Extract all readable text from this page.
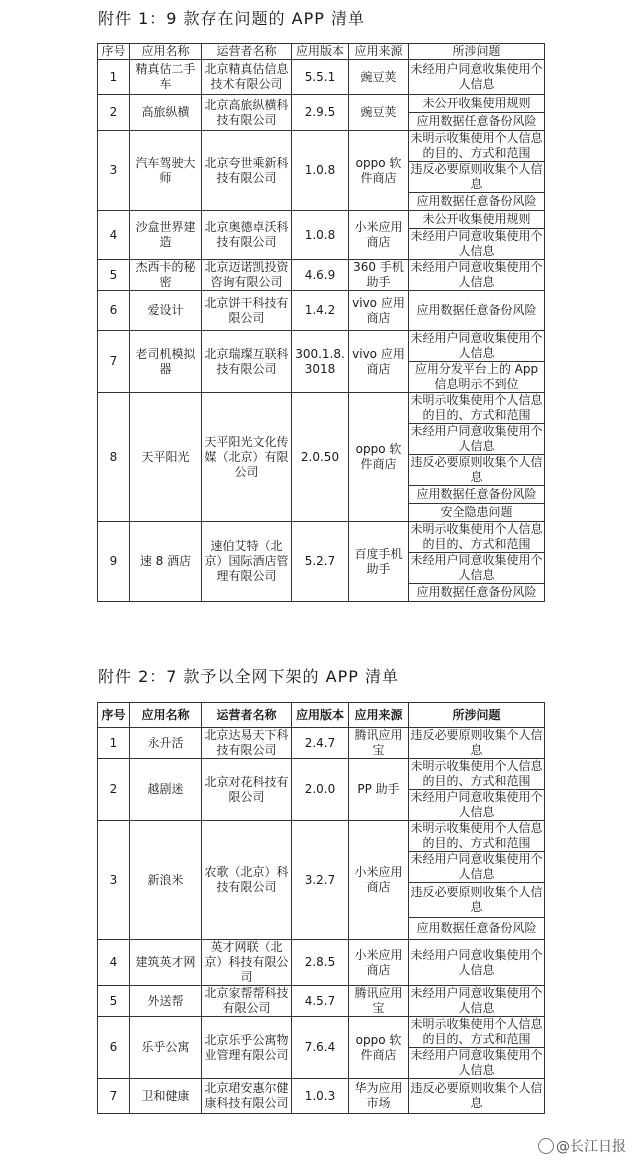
附件 1：9 款存在问题的 APP 清单
序号	应用名称	运营者名称	应用版本	应用来源	所涉问题
1	精真估二手车	北京精真估信息技术有限公司	5.5.1	豌豆荚	未经用户同意收集使用个人信息
2	高旅纵横	北京高旅纵横科技有限公司	2.9.5	豌豆荚	未公开收集使用规则
					应用数据任意备份风险
3	汽车驾驶大师	北京夸世乘新科技有限公司	1.0.8	oppo 软件商店	未明示收集使用个人信息的目的、方式和范围
					违反必要原则收集个人信息
					应用数据任意备份风险
4	沙盒世界建造	北京奥德卓沃科技有限公司	1.0.8	小米应用商店	未公开收集使用规则
					未经用户同意收集使用个人信息
5	杰西卡的秘密	北京迈诺凯投资咨询有限公司	4.6.9	360 手机助手	未经用户同意收集使用个人信息
6	爱设计	北京饼干科技有限公司	1.4.2	vivo 应用商店	应用数据任意备份风险
7	老司机模拟器	北京瑞璨互联科技有限公司	300.1.8.3018	vivo 应用商店	未经用户同意收集使用个人信息
					应用分发平台上的 App 信息明示不到位
8	天平阳光	天平阳光文化传媒（北京）有限公司	2.0.50	oppo 软件商店	未明示收集使用个人信息的目的、方式和范围
					未经用户同意收集使用个人信息
					违反必要原则收集个人信息
					应用数据任意备份风险
					安全隐患问题
9	速 8 酒店	速伯艾特（北京）国际酒店管理有限公司	5.2.7	百度手机助手	未明示收集使用个人信息的目的、方式和范围
					未经用户同意收集使用个人信息
					应用数据任意备份风险
附件 2：7 款予以全网下架的 APP 清单
序号	应用名称	运营者名称	应用版本	应用来源	所涉问题
1	永升活	北京达易天下科技有限公司	2.4.7	腾讯应用宝	违反必要原则收集个人信息
2	越剧迷	北京对花科技有限公司	2.0.0	PP 助手	未明示收集使用个人信息的目的、方式和范围
					未经用户同意收集使用个人信息
3	新浪米	农歌（北京）科技有限公司	3.2.7	小米应用商店	未明示收集使用个人信息的目的、方式和范围
					未经用户同意收集使用个人信息
					违反必要原则收集个人信息
					应用数据任意备份风险
4	建筑英才网	英才网联（北京）科技有限公司	2.8.5	小米应用商店	未经用户同意收集使用个人信息
5	外送帮	北京家帮帮科技有限公司	4.5.7	腾讯应用宝	未经用户同意收集使用个人信息
6	乐乎公寓	北京乐乎公寓物业管理有限公司	7.6.4	oppo 软件商店	未明示收集使用个人信息的目的、方式和范围
					未经用户同意收集使用个人信息
7	卫和健康	北京珺安惠尔健康科技有限公司	1.0.3	华为应用市场	违反必要原则收集个人信息
@长江日报
